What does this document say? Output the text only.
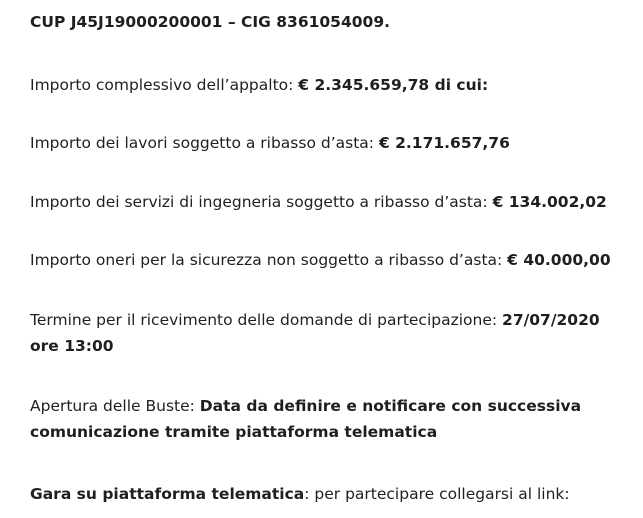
CUP J45J19000200001 – CIG 8361054009.

Importo complessivo dell’appalto: € 2.345.659,78 di cui:

Importo dei lavori soggetto a ribasso d’asta: € 2.171.657,76

Importo dei servizi di ingegneria soggetto a ribasso d’asta: € 134.002,02

Importo oneri per la sicurezza non soggetto a ribasso d’asta: € 40.000,00

Termine per il ricevimento delle domande di partecipazione: 27/07/2020 ore 13:00

Apertura delle Buste: Data da definire e notificare con successiva comunicazione tramite piattaforma telematica

Gara su piattaforma telematica: per partecipare collegarsi al link:
